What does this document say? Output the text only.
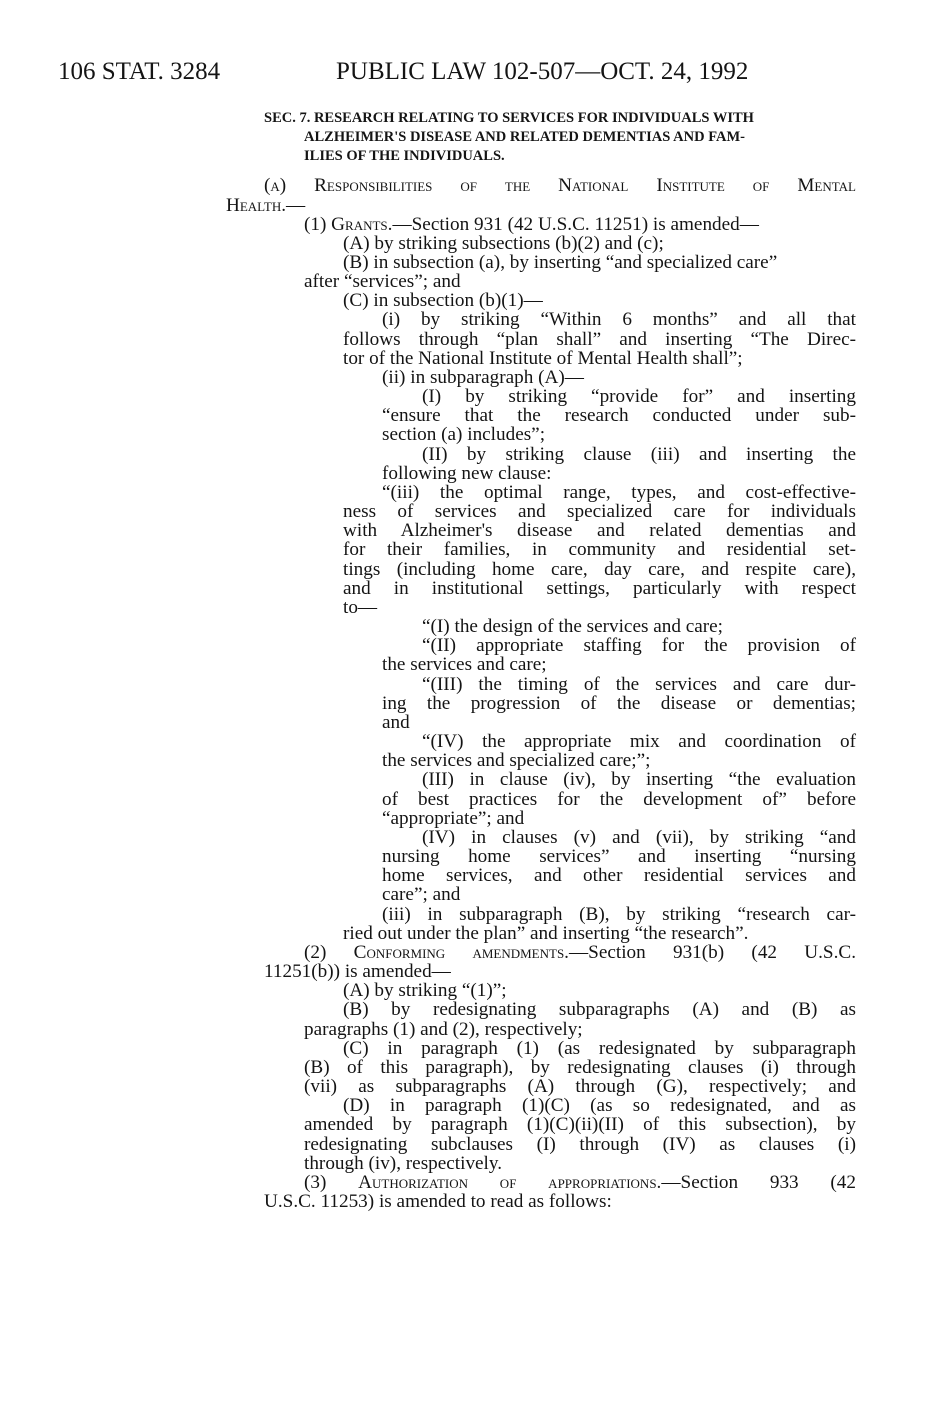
106 STAT. 3284	PUBLIC LAW 102-507—OCT. 24, 1992
SEC. 7. RESEARCH RELATING TO SERVICES FOR INDIVIDUALS WITH
ALZHEIMER'S DISEASE AND RELATED DEMENTIAS AND FAM-
ILIES OF THE INDIVIDUALS.
(a) Responsibilities of the National Institute of Mental
Health.—
(1) Grants.—Section 931 (42 U.S.C. 11251) is amended—
(A) by striking subsections (b)(2) and (c);
(B) in subsection (a), by inserting “and specialized care”
after “services”; and
(C) in subsection (b)(1)—
(i) by striking “Within 6 months” and all that
follows through “plan shall” and inserting “The Direc-
tor of the National Institute of Mental Health shall”;
(ii) in subparagraph (A)—
(I) by striking “provide for” and inserting
“ensure that the research conducted under sub-
section (a) includes”;
(II) by striking clause (iii) and inserting the
following new clause:
“(iii) the optimal range, types, and cost-effective-
ness of services and specialized care for individuals
with Alzheimer's disease and related dementias and
for their families, in community and residential set-
tings (including home care, day care, and respite care),
and in institutional settings, particularly with respect
to—
“(I) the design of the services and care;
“(II) appropriate staffing for the provision of
the services and care;
“(III) the timing of the services and care dur-
ing the progression of the disease or dementias;
and
“(IV) the appropriate mix and coordination of
the services and specialized care;”;
(III) in clause (iv), by inserting “the evaluation
of best practices for the development of” before
“appropriate”; and
(IV) in clauses (v) and (vii), by striking “and
nursing home services” and inserting “nursing
home services, and other residential services and
care”; and
(iii) in subparagraph (B), by striking “research car-
ried out under the plan” and inserting “the research”.
(2) Conforming amendments.—Section 931(b) (42 U.S.C.
11251(b)) is amended—
(A) by striking “(1)”;
(B) by redesignating subparagraphs (A) and (B) as
paragraphs (1) and (2), respectively;
(C) in paragraph (1) (as redesignated by subparagraph
(B) of this paragraph), by redesignating clauses (i) through
(vii) as subparagraphs (A) through (G), respectively; and
(D) in paragraph (1)(C) (as so redesignated, and as
amended by paragraph (1)(C)(ii)(II) of this subsection), by
redesignating subclauses (I) through (IV) as clauses (i)
through (iv), respectively.
(3) Authorization of appropriations.—Section 933 (42
U.S.C. 11253) is amended to read as follows:
